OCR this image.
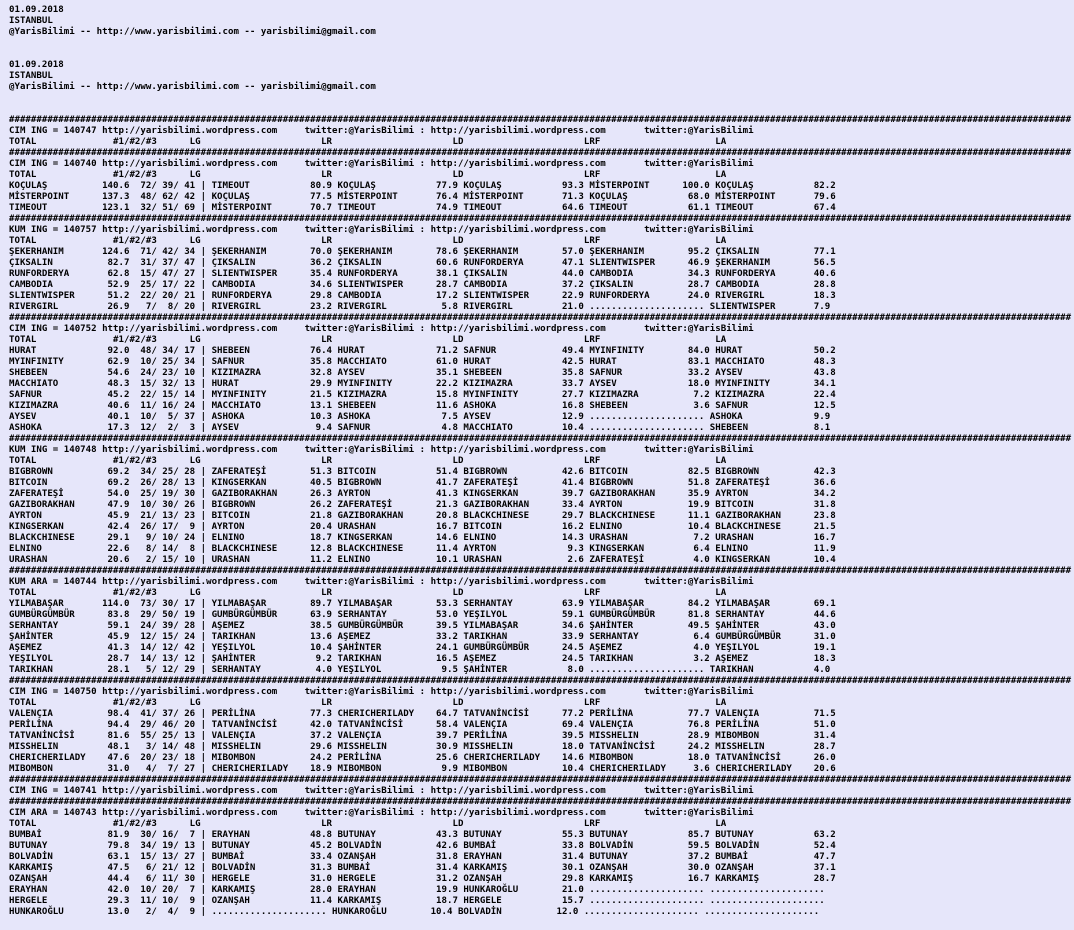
01.09.2018
ISTANBUL
@YarisBilimi -- http://www.yarisbilimi.com -- yarisbilimi@gmail.com
01.09.2018
ISTANBUL
@YarisBilimi -- http://www.yarisbilimi.com -- yarisbilimi@gmail.com
##################################################################################################################################################################################################
CIM ING = 140747 http://yarisbilimi.wordpress.com     twitter:@YarisBilimi : http://yarisbilimi.wordpress.com       twitter:@YarisBilimi
TOTAL              #1/#2/#3      LG                      LR                      LD                      LRF                     LA
##################################################################################################################################################################################################
CIM ING = 140740 http://yarisbilimi.wordpress.com     twitter:@YarisBilimi : http://yarisbilimi.wordpress.com       twitter:@YarisBilimi
TOTAL              #1/#2/#3      LG                      LR                      LD                      LRF                     LA
KOÇULAŞ          140.6  72/ 39/ 41 | TIMEOUT           80.9 KOÇULAŞ           77.9 KOÇULAŞ           93.3 MİSTERPOINT      100.0 KOÇULAŞ           82.2
MİSTERPOINT      137.3  48/ 62/ 42 | KOÇULAŞ           77.5 MİSTERPOINT       76.4 MİSTERPOINT       71.3 KOÇULAŞ           68.0 MİSTERPOINT       79.6
TIMEOUT          123.1  32/ 51/ 69 | MİSTERPOINT       70.7 TIMEOUT           74.9 TIMEOUT           64.6 TIMEOUT           61.1 TIMEOUT           67.4
##################################################################################################################################################################################################
KUM ING = 140757 http://yarisbilimi.wordpress.com     twitter:@YarisBilimi : http://yarisbilimi.wordpress.com       twitter:@YarisBilimi
TOTAL              #1/#2/#3      LG                      LR                      LD                      LRF                     LA
ŞEKERHANIM       124.6  71/ 42/ 34 | ŞEKERHANIM        70.0 ŞEKERHANIM        78.6 ŞEKERHANIM        57.0 ŞEKERHANIM        95.2 ÇIKSALIN          77.1
ÇIKSALIN          82.7  31/ 37/ 47 | ÇIKSALIN          36.2 ÇIKSALIN          60.6 RUNFORDERYA       47.1 SLIENTWISPER      46.9 ŞEKERHANIM        56.5
RUNFORDERYA       62.8  15/ 47/ 27 | SLIENTWISPER      35.4 RUNFORDERYA       38.1 ÇIKSALIN          44.0 CAMBODIA          34.3 RUNFORDERYA       40.6
CAMBODIA          52.9  25/ 17/ 22 | CAMBODIA          34.6 SLIENTWISPER      28.7 CAMBODIA          37.2 ÇIKSALIN          28.7 CAMBODIA          28.8
SLIENTWISPER      51.2  22/ 20/ 21 | RUNFORDERYA       29.8 CAMBODIA          17.2 SLIENTWISPER      22.9 RUNFORDERYA       24.0 RIVERGIRL         18.3
RIVERGIRL         26.9   7/  8/ 20 | RIVERGIRL         23.2 RIVERGIRL          5.8 RIVERGIRL         21.0 ..................... SLIENTWISPER       7.9
##################################################################################################################################################################################################
CIM ING = 140752 http://yarisbilimi.wordpress.com     twitter:@YarisBilimi : http://yarisbilimi.wordpress.com       twitter:@YarisBilimi
TOTAL              #1/#2/#3      LG                      LR                      LD                      LRF                     LA
HURAT             92.0  48/ 34/ 17 | SHEBEEN           76.4 HURAT             71.2 SAFNUR            49.4 MYINFINITY        84.0 HURAT             50.2
MYINFINITY        62.9  10/ 25/ 34 | SAFNUR            35.8 MACCHIATO         61.0 HURAT             42.5 HURAT             83.1 MACCHIATO         48.3
SHEBEEN           54.6  24/ 23/ 10 | KIZIMAZRA         32.8 AYSEV             35.1 SHEBEEN           35.8 SAFNUR            33.2 AYSEV             43.8
MACCHIATO         48.3  15/ 32/ 13 | HURAT             29.9 MYINFINITY        22.2 KIZIMAZRA         33.7 AYSEV             18.0 MYINFINITY        34.1
SAFNUR            45.2  22/ 15/ 14 | MYINFINITY        21.5 KIZIMAZRA         15.8 MYINFINITY        27.7 KIZIMAZRA          7.2 KIZIMAZRA         22.4
KIZIMAZRA         40.6  11/ 16/ 24 | MACCHIATO         13.1 SHEBEEN           11.6 ASHOKA            16.8 SHEBEEN            3.6 SAFNUR            12.5
AYSEV             40.1  10/  5/ 37 | ASHOKA            10.3 ASHOKA             7.5 AYSEV             12.9 ..................... ASHOKA             9.9
ASHOKA            17.3  12/  2/  3 | AYSEV              9.4 SAFNUR             4.8 MACCHIATO         10.4 ..................... SHEBEEN            8.1
##################################################################################################################################################################################################
KUM ING = 140748 http://yarisbilimi.wordpress.com     twitter:@YarisBilimi : http://yarisbilimi.wordpress.com       twitter:@YarisBilimi
TOTAL              #1/#2/#3      LG                      LR                      LD                      LRF                     LA
BIGBROWN          69.2  34/ 25/ 28 | ZAFERATEŞİ        51.3 BITCOIN           51.4 BIGBROWN          42.6 BITCOIN           82.5 BIGBROWN          42.3
BITCOIN           69.2  26/ 28/ 13 | KINGSERKAN        40.5 BIGBROWN          41.7 ZAFERATEŞİ        41.4 BIGBROWN          51.8 ZAFERATEŞİ        36.6
ZAFERATEŞİ        54.0  25/ 19/ 30 | GAZIBORAKHAN      26.3 AYRTON            41.3 KINGSERKAN        39.7 GAZIBORAKHAN      35.9 AYRTON            34.2
GAZIBORAKHAN      47.9  10/ 30/ 26 | BIGBROWN          26.2 ZAFERATEŞİ        21.3 GAZIBORAKHAN      33.4 AYRTON            19.9 BITCOIN           31.8
AYRTON            45.9  21/ 13/ 23 | BITCOIN           21.8 GAZIBORAKHAN      20.8 BLACKCHINESE      29.7 BLACKCHINESE      11.1 GAZIBORAKHAN      23.8
KINGSERKAN        42.4  26/ 17/  9 | AYRTON            20.4 URASHAN           16.7 BITCOIN           16.2 ELNINO            10.4 BLACKCHINESE      21.5
BLACKCHINESE      29.1   9/ 10/ 24 | ELNINO            18.7 KINGSERKAN        14.6 ELNINO            14.3 URASHAN            7.2 URASHAN           16.7
ELNINO            22.6   8/ 14/  8 | BLACKCHINESE      12.8 BLACKCHINESE      11.4 AYRTON             9.3 KINGSERKAN         6.4 ELNINO            11.9
URASHAN           20.6   2/ 15/ 10 | URASHAN           11.2 ELNINO            10.1 URASHAN            2.6 ZAFERATEŞİ         4.0 KINGSERKAN        10.4
##################################################################################################################################################################################################
KUM ARA = 140744 http://yarisbilimi.wordpress.com     twitter:@YarisBilimi : http://yarisbilimi.wordpress.com       twitter:@YarisBilimi
TOTAL              #1/#2/#3      LG                      LR                      LD                      LRF                     LA
YILMABAŞAR       114.0  73/ 30/ 17 | YILMABAŞAR        89.7 YILMABAŞAR        53.3 SERHANTAY         63.9 YILMABAŞAR        84.2 YILMABAŞAR        69.1
GUMBÜRGÜMBÜR      83.8  29/ 50/ 19 | GUMBÜRGÜMBÜR      63.9 SERHANTAY         53.0 YEŞILYOL          59.1 GUMBÜRGÜMBÜR      81.8 SERHANTAY         44.6
SERHANTAY         59.1  24/ 39/ 28 | AŞEMEZ            38.5 GUMBÜRGÜMBÜR      39.5 YILMABAŞAR        34.6 ŞAHİNTER          49.5 ŞAHİNTER          43.0
ŞAHİNTER          45.9  12/ 15/ 24 | TARIKHAN          13.6 AŞEMEZ            33.2 TARIKHAN          33.9 SERHANTAY          6.4 GUMBÜRGÜMBÜR      31.0
AŞEMEZ            41.3  14/ 12/ 42 | YEŞILYOL          10.4 ŞAHİNTER          24.1 GUMBÜRGÜMBÜR      24.5 AŞEMEZ             4.0 YEŞILYOL          19.1
YEŞILYOL          28.7  14/ 13/ 12 | ŞAHİNTER           9.2 TARIKHAN          16.5 AŞEMEZ            24.5 TARIKHAN           3.2 AŞEMEZ            18.3
TARIKHAN          28.1   5/ 12/ 29 | SERHANTAY          4.0 YEŞILYOL           9.5 ŞAHİNTER           8.0 ..................... TARIKHAN           4.0
##################################################################################################################################################################################################
CIM ING = 140750 http://yarisbilimi.wordpress.com     twitter:@YarisBilimi : http://yarisbilimi.wordpress.com       twitter:@YarisBilimi
TOTAL              #1/#2/#3      LG                      LR                      LD                      LRF                     LA
VALENÇIA          98.4  41/ 37/ 26 | PERİLİNA          77.3 CHERICHERILADY    64.7 TATVANİNCİSİ      77.2 PERİLİNA          77.7 VALENÇIA          71.5
PERİLİNA          94.4  29/ 46/ 20 | TATVANİNCİSİ      42.0 TATVANİNCİSİ      58.4 VALENÇIA          69.4 VALENÇIA          76.8 PERİLİNA          51.0
TATVANİNCİSİ      81.6  55/ 25/ 13 | VALENÇIA          37.2 VALENÇIA          39.7 PERİLİNA          39.5 MISSHELIN         28.9 MIBOMBON          31.4
MISSHELIN         48.1   3/ 14/ 48 | MISSHELIN         29.6 MISSHELIN         30.9 MISSHELIN         18.0 TATVANİNCİSİ      24.2 MISSHELIN         28.7
CHERICHERILADY    47.6  20/ 23/ 18 | MIBOMBON          24.2 PERİLİNA          25.6 CHERICHERILADY    14.6 MIBOMBON          18.0 TATVANİNCİSİ      26.0
MIBOMBON          31.0   4/  7/ 27 | CHERICHERILADY    18.9 MIBOMBON           9.9 MIBOMBON          10.4 CHERICHERILADY     3.6 CHERICHERILADY    20.6
##################################################################################################################################################################################################
CIM ING = 140741 http://yarisbilimi.wordpress.com     twitter:@YarisBilimi : http://yarisbilimi.wordpress.com       twitter:@YarisBilimi
##################################################################################################################################################################################################
CIM ARA = 140743 http://yarisbilimi.wordpress.com     twitter:@YarisBilimi : http://yarisbilimi.wordpress.com       twitter:@YarisBilimi
TOTAL              #1/#2/#3      LG                      LR                      LD                      LRF                     LA
BUMBAİ            81.9  30/ 16/  7 | ERAYHAN           48.8 BUTUNAY           43.3 BUTUNAY           55.3 BUTUNAY           85.7 BUTUNAY           63.2
BUTUNAY           79.8  34/ 19/ 13 | BUTUNAY           45.2 BOLVADİN          42.6 BUMBAİ            33.8 BOLVADİN          59.5 BOLVADİN          52.4
BOLVADİN          63.1  15/ 13/ 27 | BUMBAİ            33.4 OZANŞAH           31.8 ERAYHAN           31.4 BUTUNAY           37.2 BUMBAİ            47.7
KARKAMIŞ          47.5   6/ 21/ 12 | BOLVADİN          31.3 BUMBAİ            31.4 KARKAMIŞ          30.1 OZANŞAH           30.0 OZANŞAH           37.1
OZANŞAH           44.4   6/ 11/ 30 | HERGELE           31.0 HERGELE           31.2 OZANŞAH           29.8 KARKAMIŞ          16.7 KARKAMIŞ          28.7
ERAYHAN           42.0  10/ 20/  7 | KARKAMIŞ          28.0 ERAYHAN           19.9 HUNKAROĞLU        21.0 ..................... .....................
HERGELE           29.3  11/ 10/  9 | OZANŞAH           11.4 KARKAMIŞ          18.7 HERGELE           15.7 ..................... .....................
HUNKAROĞLU        13.0   2/  4/  9 | ..................... HUNKAROĞLU        10.4 BOLVADİN          12.0 ..................... .....................
